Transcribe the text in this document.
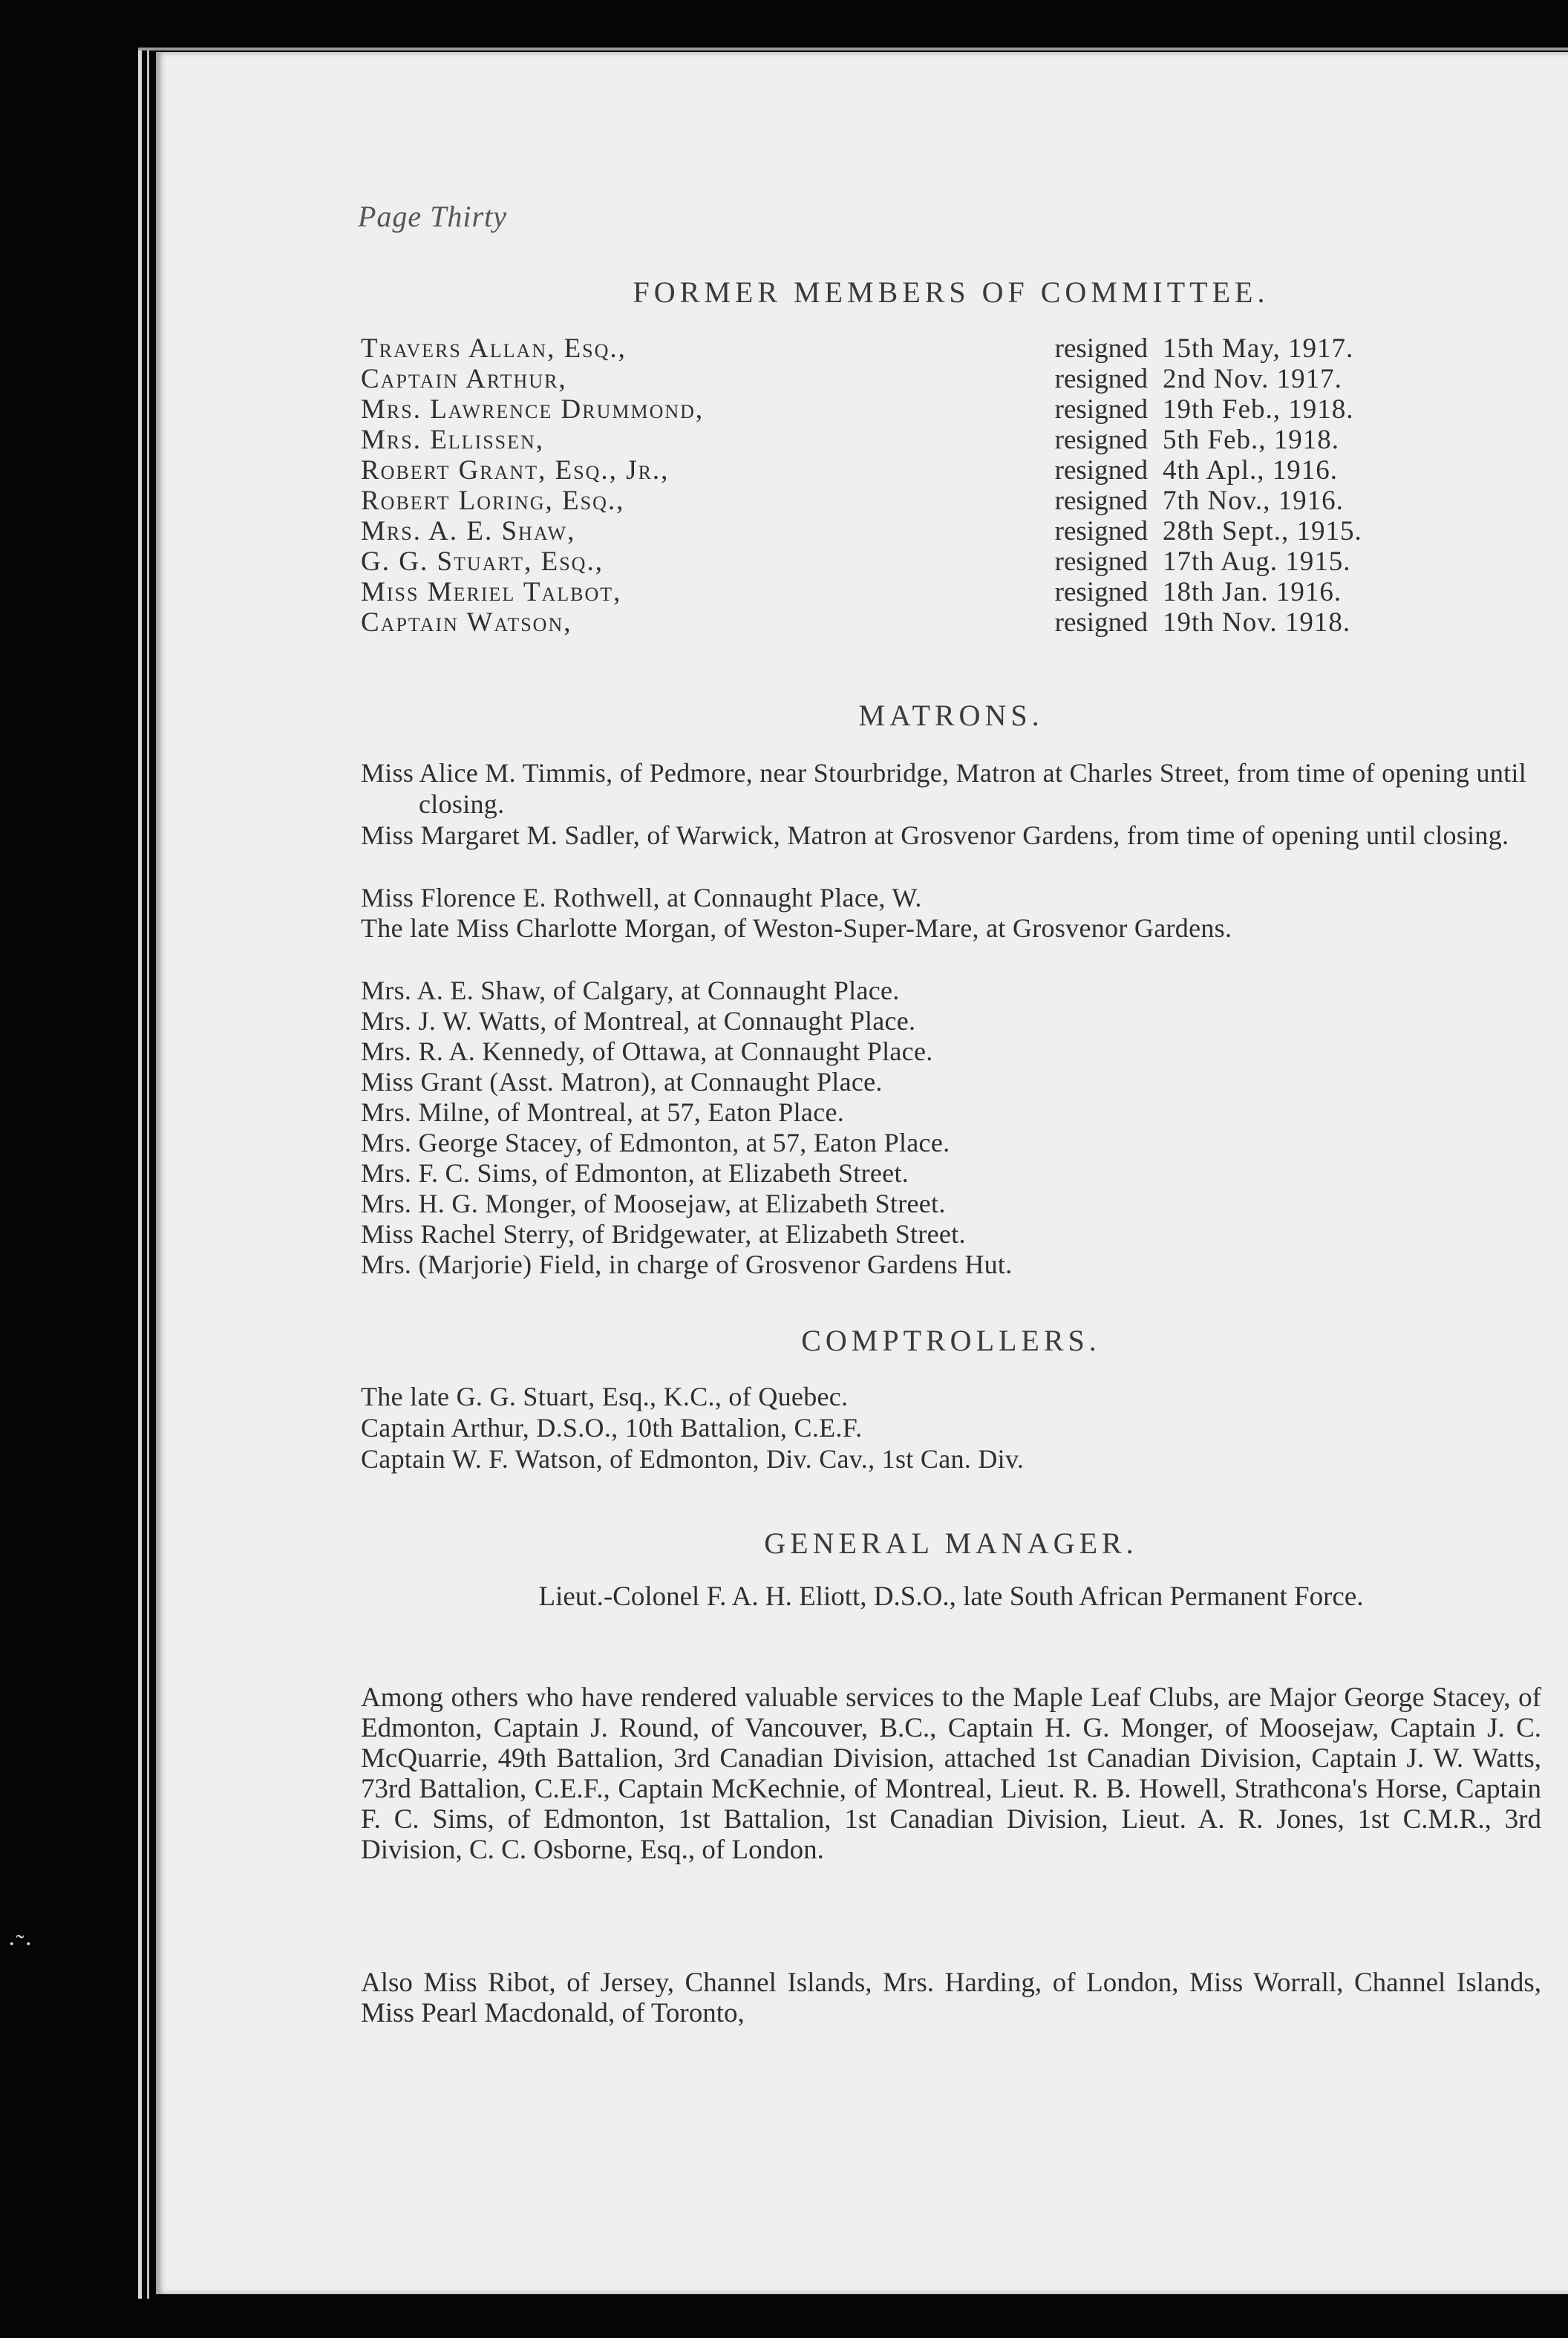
·˜·
Page Thirty
FORMER MEMBERS OF COMMITTEE.
Travers Allan, Esq.,	resigned 15th May, 1917.
Captain Arthur,	resigned 2nd Nov. 1917.
Mrs. Lawrence Drummond,	resigned 19th Feb., 1918.
Mrs. Ellissen,	resigned 5th Feb., 1918.
Robert Grant, Esq., Jr.,	resigned 4th Apl., 1916.
Robert Loring, Esq.,	resigned 7th Nov., 1916.
Mrs. A. E. Shaw,	resigned 28th Sept., 1915.
G. G. Stuart, Esq.,	resigned 17th Aug. 1915.
Miss Meriel Talbot,	resigned 18th Jan. 1916.
Captain Watson,	resigned 19th Nov. 1918.
MATRONS.
Miss Alice M. Timmis, of Pedmore, near Stourbridge, Matron at Charles Street, from time of opening until closing.
Miss Margaret M. Sadler, of Warwick, Matron at Grosvenor Gardens, from time of opening until closing.
Miss Florence E. Rothwell, at Connaught Place, W.
The late Miss Charlotte Morgan, of Weston-Super-Mare, at Grosvenor Gardens.
Mrs. A. E. Shaw, of Calgary, at Connaught Place.
Mrs. J. W. Watts, of Montreal, at Connaught Place.
Mrs. R. A. Kennedy, of Ottawa, at Connaught Place.
Miss Grant (Asst. Matron), at Connaught Place.
Mrs. Milne, of Montreal, at 57, Eaton Place.
Mrs. George Stacey, of Edmonton, at 57, Eaton Place.
Mrs. F. C. Sims, of Edmonton, at Elizabeth Street.
Mrs. H. G. Monger, of Moosejaw, at Elizabeth Street.
Miss Rachel Sterry, of Bridgewater, at Elizabeth Street.
Mrs. (Marjorie) Field, in charge of Grosvenor Gardens Hut.
COMPTROLLERS.
The late G. G. Stuart, Esq., K.C., of Quebec.
Captain Arthur, D.S.O., 10th Battalion, C.E.F.
Captain W. F. Watson, of Edmonton, Div. Cav., 1st Can. Div.
GENERAL MANAGER.
Lieut.-Colonel F. A. H. Eliott, D.S.O., late South African Permanent Force.
Among others who have rendered valuable services to the Maple Leaf Clubs, are Major George Stacey, of Edmonton, Captain J. Round, of Vancouver, B.C., Captain H. G. Monger, of Moosejaw, Captain J. C. McQuarrie, 49th Battalion, 3rd Canadian Division, attached 1st Canadian Division, Captain J. W. Watts, 73rd Battalion, C.E.F., Captain McKechnie, of Montreal, Lieut. R. B. Howell, Strathcona's Horse, Captain F. C. Sims, of Edmonton, 1st Battalion, 1st Canadian Division, Lieut. A. R. Jones, 1st C.M.R., 3rd Division, C. C. Osborne, Esq., of London.
Also Miss Ribot, of Jersey, Channel Islands, Mrs. Harding, of London, Miss Worrall, Channel Islands, Miss Pearl Macdonald, of Toronto,
